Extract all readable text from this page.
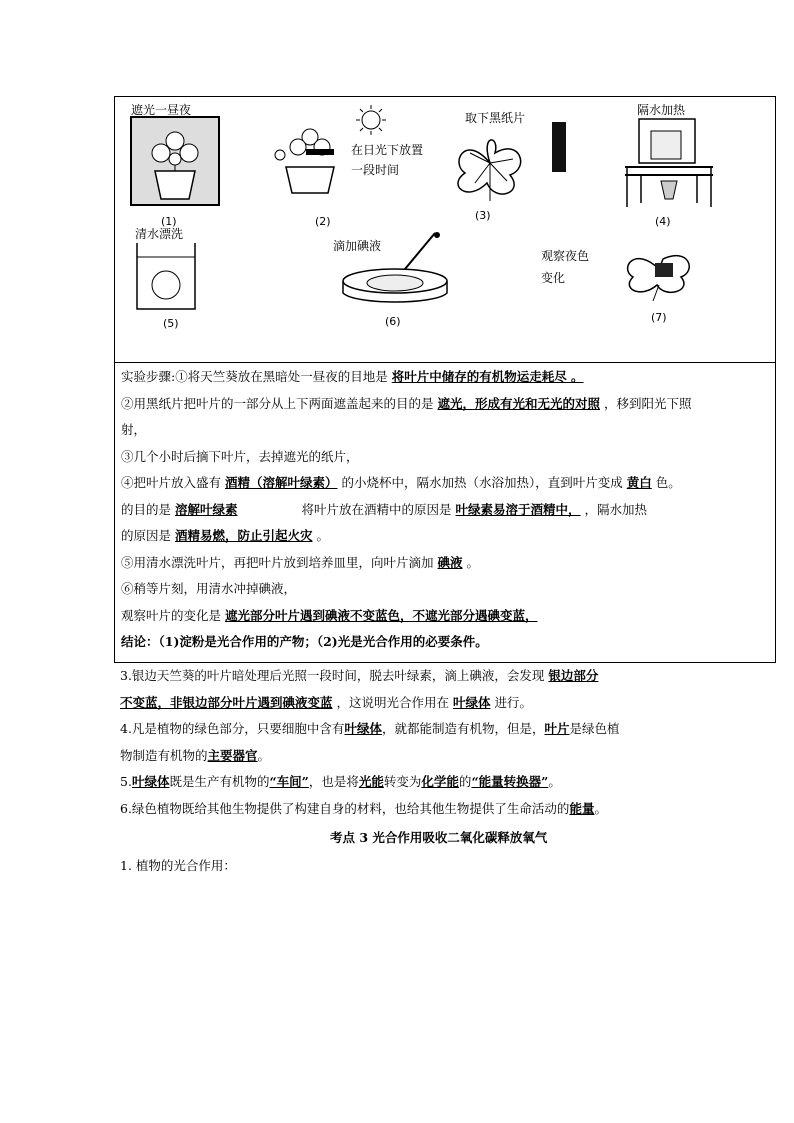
遮光一昼夜
(1)
在日光下放置
一段时间
(2)
取下黑纸片
(3)
隔水加热
(4)
清水漂洗
(5)
滴加碘液
(6)
观察夜色
变化
(7)
实验步骤:①将天竺葵放在黑暗处一昼夜的目地是 将叶片中储存的有机物运走耗尽 。
②用黑纸片把叶片的一部分从上下两面遮盖起来的目的是 遮光，形成有光和无光的对照 ，移到阳光下照
射，
③几个小时后摘下叶片，去掉遮光的纸片，
④把叶片放入盛有 酒精（溶解叶绿素） 的小烧杯中，隔水加热（水浴加热），直到叶片变成 黄白 色。
的目的是 溶解叶绿素	将叶片放在酒精中的原因是 叶绿素易溶于酒精中， ，隔水加热
的原因是 酒精易燃，防止引起火灾 。
⑤用清水漂洗叶片，再把叶片放到培养皿里，向叶片滴加 碘液 。
⑥稍等片刻，用清水冲掉碘液，
观察叶片的变化是 遮光部分叶片遇到碘液不变蓝色，不遮光部分遇碘变蓝，
结论：（1)淀粉是光合作用的产物；（2)光是光合作用的必要条件。
3.银边天竺葵的叶片暗处理后光照一段时间，脱去叶绿素，滴上碘液，会发现 银边部分
不变蓝，非银边部分叶片遇到碘液变蓝 ，这说明光合作用在 叶绿体 进行。
4.凡是植物的绿色部分，只要细胞中含有叶绿体，就都能制造有机物，但是，叶片是绿色植
物制造有机物的主要器官。
5.叶绿体既是生产有机物的“车间”，也是将光能转变为化学能的“能量转换器”。
6.绿色植物既给其他生物提供了构建自身的材料，也给其他生物提供了生命活动的能量。
考点 3 光合作用吸收二氧化碳释放氧气
1. 植物的光合作用：
